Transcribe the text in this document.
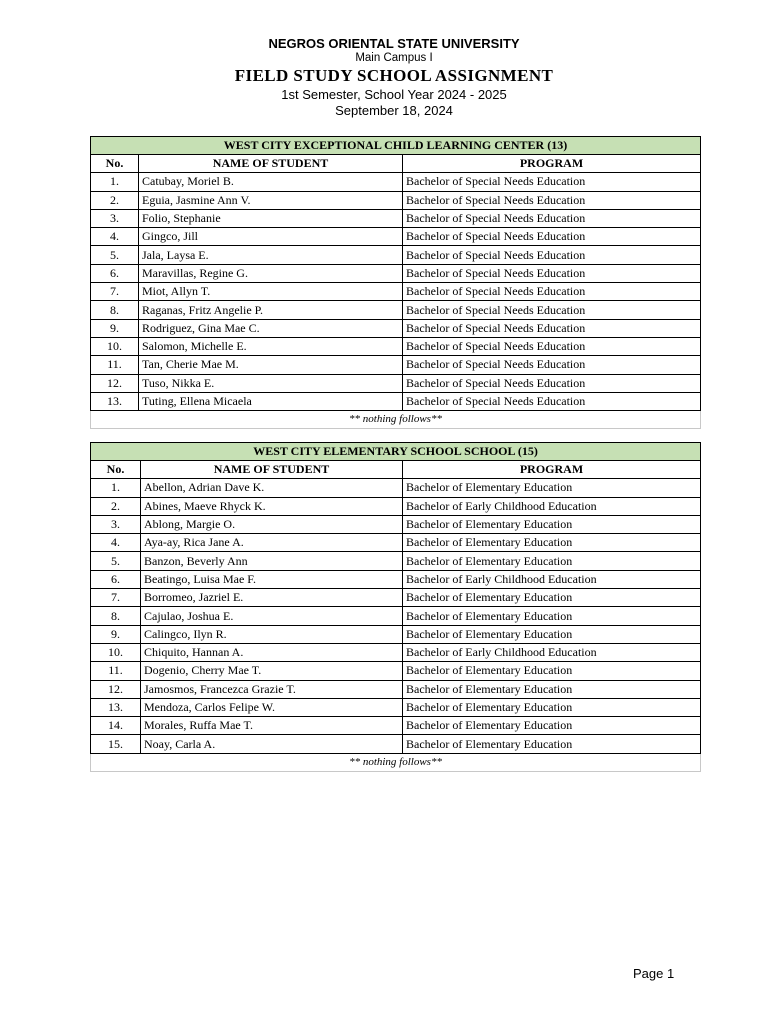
NEGROS ORIENTAL STATE UNIVERSITY
Main Campus I
FIELD STUDY SCHOOL ASSIGNMENT
1st Semester, School Year 2024 - 2025
September 18, 2024
WEST CITY EXCEPTIONAL CHILD LEARNING CENTER (13)		
No.	NAME OF STUDENT	PROGRAM
1.	Catubay, Moriel B.	Bachelor of Special Needs Education
2.	Eguia, Jasmine Ann V.	Bachelor of Special Needs Education
3.	Folio, Stephanie	Bachelor of Special Needs Education
4.	Gingco, Jill	Bachelor of Special Needs Education
5.	Jala, Laysa E.	Bachelor of Special Needs Education
6.	Maravillas, Regine G.	Bachelor of Special Needs Education
7.	Miot, Allyn T.	Bachelor of Special Needs Education
8.	Raganas, Fritz Angelie P.	Bachelor of Special Needs Education
9.	Rodriguez, Gina Mae C.	Bachelor of Special Needs Education
10.	Salomon, Michelle E.	Bachelor of Special Needs Education
11.	Tan, Cherie Mae M.	Bachelor of Special Needs Education
12.	Tuso, Nikka E.	Bachelor of Special Needs Education
13.	Tuting, Ellena Micaela	Bachelor of Special Needs Education
** nothing follows**		
WEST CITY ELEMENTARY SCHOOL SCHOOL (15)		
No.	NAME OF STUDENT	PROGRAM
1.	Abellon, Adrian Dave K.	Bachelor of Elementary Education
2.	Abines, Maeve Rhyck K.	Bachelor of Early Childhood Education
3.	Ablong, Margie O.	Bachelor of Elementary Education
4.	Aya-ay, Rica Jane A.	Bachelor of Elementary Education
5.	Banzon, Beverly Ann	Bachelor of Elementary Education
6.	Beatingo, Luisa Mae F.	Bachelor of Early Childhood Education
7.	Borromeo, Jazriel E.	Bachelor of Elementary Education
8.	Cajulao, Joshua E.	Bachelor of Elementary Education
9.	Calingco, Ilyn R.	Bachelor of Elementary Education
10.	Chiquito, Hannan A.	Bachelor of Early Childhood Education
11.	Dogenio, Cherry Mae T.	Bachelor of Elementary Education
12.	Jamosmos, Francezca Grazie T.	Bachelor of Elementary Education
13.	Mendoza, Carlos Felipe W.	Bachelor of Elementary Education
14.	Morales, Ruffa Mae T.	Bachelor of Elementary Education
15.	Noay, Carla A.	Bachelor of Elementary Education
** nothing follows**		
Page 1
